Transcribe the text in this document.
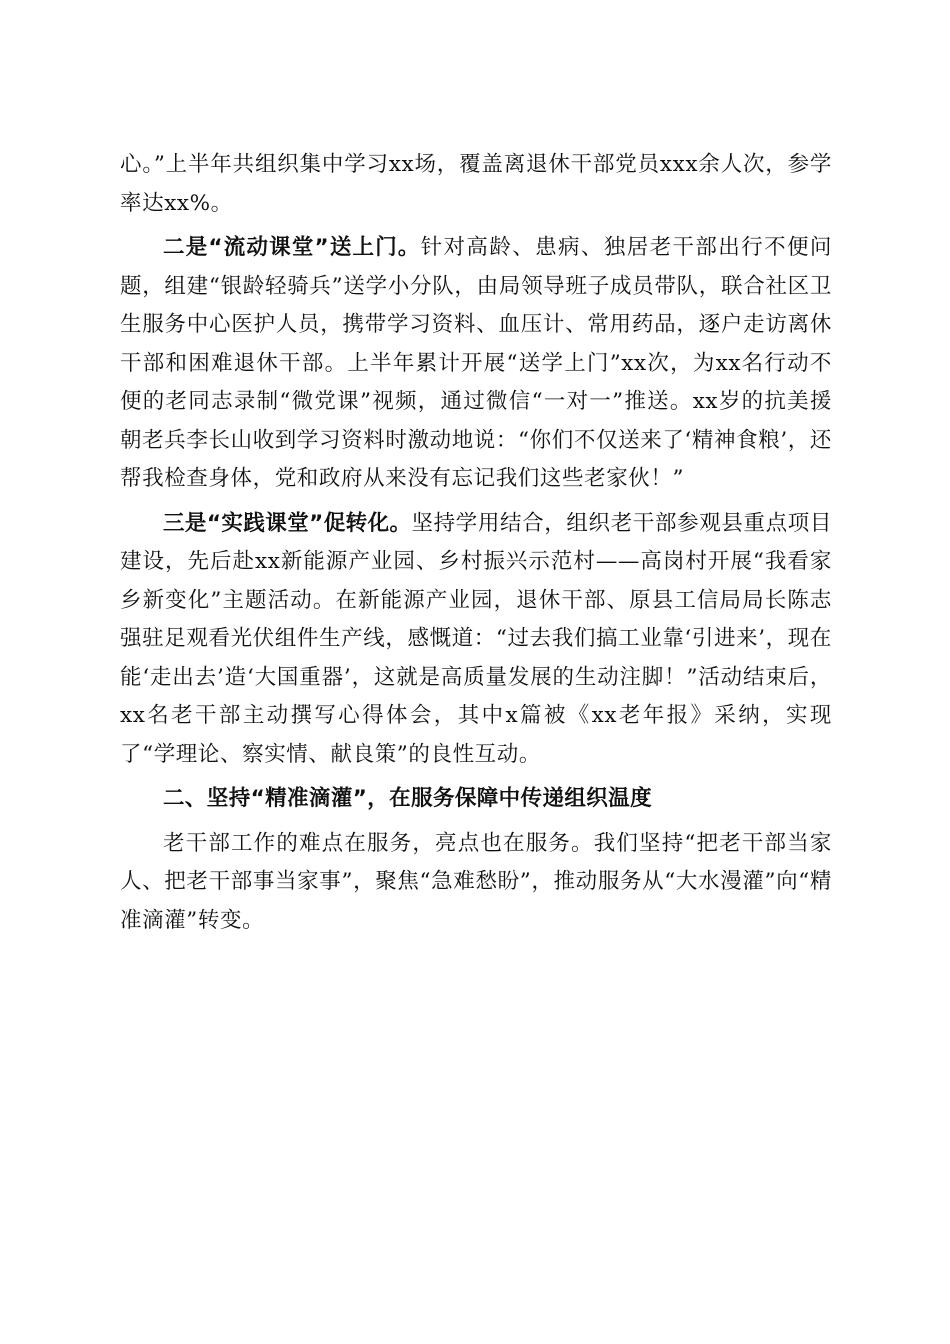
心。”上半年共组织集中学习xx场，覆盖离退休干部党员xxx余人次，参学率达xx%。

二是“流动课堂”送上门。针对高龄、患病、独居老干部出行不便问题，组建“银龄轻骑兵”送学小分队，由局领导班子成员带队，联合社区卫生服务中心医护人员，携带学习资料、血压计、常用药品，逐户走访离休干部和困难退休干部。上半年累计开展“送学上门”xx次，为xx名行动不便的老同志录制“微党课”视频，通过微信“一对一”推送。xx岁的抗美援朝老兵李长山收到学习资料时激动地说：“你们不仅送来了‘精神食粮’，还帮我检查身体，党和政府从来没有忘记我们这些老家伙！”

三是“实践课堂”促转化。坚持学用结合，组织老干部参观县重点项目建设，先后赴xx新能源产业园、乡村振兴示范村——高岗村开展“我看家乡新变化”主题活动。在新能源产业园，退休干部、原县工信局局长陈志强驻足观看光伏组件生产线，感慨道：“过去我们搞工业靠‘引进来’，现在能‘走出去’造‘大国重器’，这就是高质量发展的生动注脚！”活动结束后，xx名老干部主动撰写心得体会，其中x篇被《xx老年报》采纳，实现了“学理论、察实情、献良策”的良性互动。

二、坚持“精准滴灌”，在服务保障中传递组织温度

老干部工作的难点在服务，亮点也在服务。我们坚持“把老干部当家人、把老干部事当家事”，聚焦“急难愁盼”，推动服务从“大水漫灌”向“精准滴灌”转变。
